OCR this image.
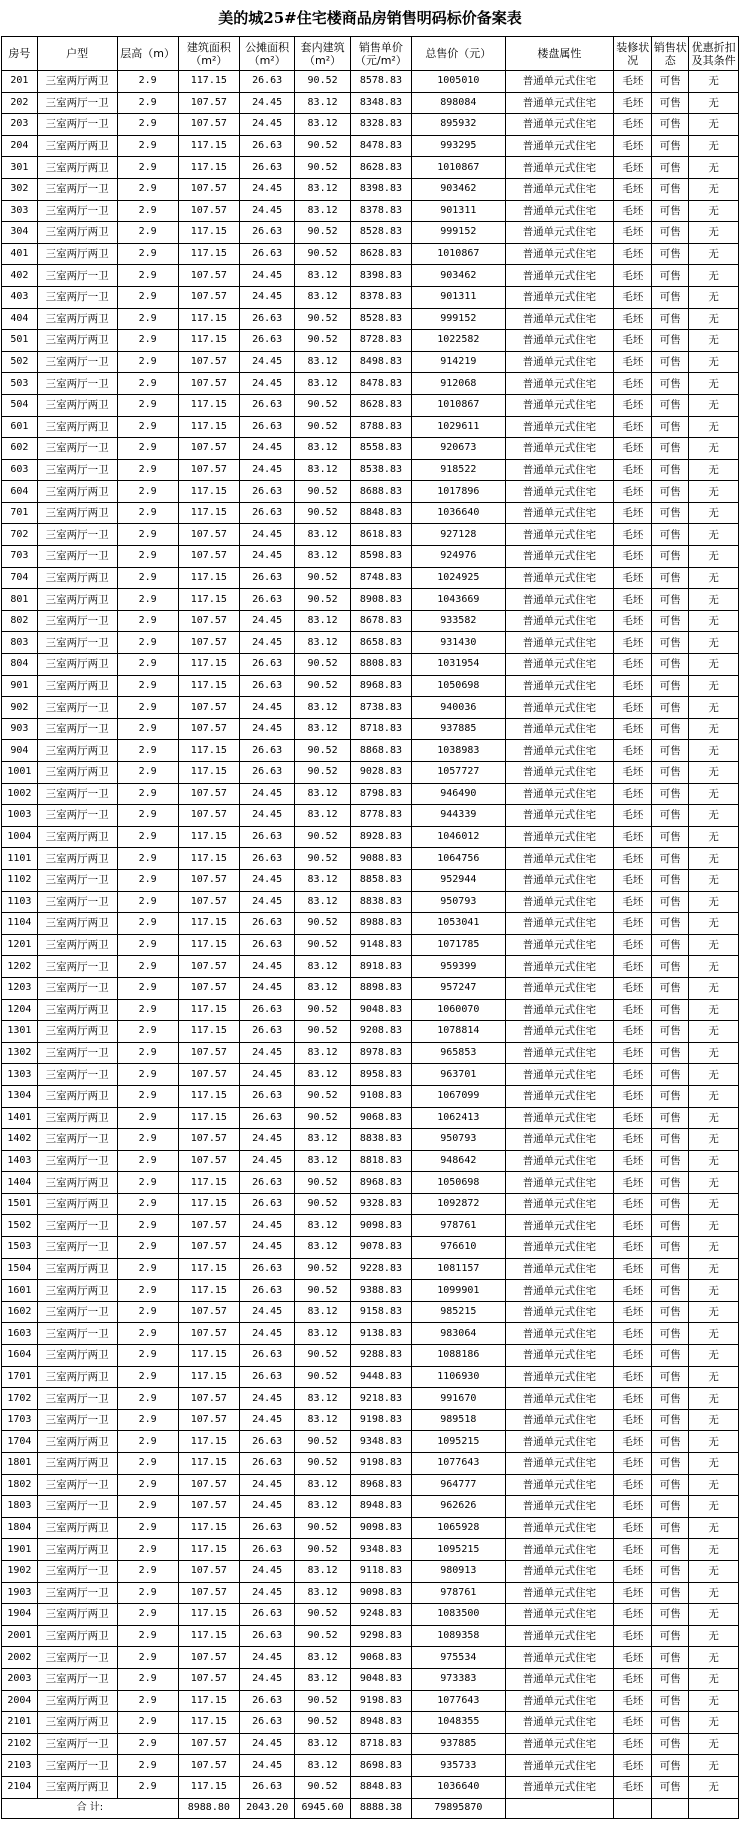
美的城25#住宅楼商品房销售明码标价备案表
房号	户型	层高（m）	建筑面积（m²）	公摊面积（m²）	套内建筑（m²）	销售单价（元/m²）	总售价（元）	楼盘属性	装修状况	销售状态	优惠折扣及其条件
201	三室两厅两卫	2.9	117.15	26.63	90.52	8578.83	1005010	普通单元式住宅	毛坯	可售	无
202	三室两厅一卫	2.9	107.57	24.45	83.12	8348.83	898084	普通单元式住宅	毛坯	可售	无
203	三室两厅一卫	2.9	107.57	24.45	83.12	8328.83	895932	普通单元式住宅	毛坯	可售	无
204	三室两厅两卫	2.9	117.15	26.63	90.52	8478.83	993295	普通单元式住宅	毛坯	可售	无
301	三室两厅两卫	2.9	117.15	26.63	90.52	8628.83	1010867	普通单元式住宅	毛坯	可售	无
302	三室两厅一卫	2.9	107.57	24.45	83.12	8398.83	903462	普通单元式住宅	毛坯	可售	无
303	三室两厅一卫	2.9	107.57	24.45	83.12	8378.83	901311	普通单元式住宅	毛坯	可售	无
304	三室两厅两卫	2.9	117.15	26.63	90.52	8528.83	999152	普通单元式住宅	毛坯	可售	无
401	三室两厅两卫	2.9	117.15	26.63	90.52	8628.83	1010867	普通单元式住宅	毛坯	可售	无
402	三室两厅一卫	2.9	107.57	24.45	83.12	8398.83	903462	普通单元式住宅	毛坯	可售	无
403	三室两厅一卫	2.9	107.57	24.45	83.12	8378.83	901311	普通单元式住宅	毛坯	可售	无
404	三室两厅两卫	2.9	117.15	26.63	90.52	8528.83	999152	普通单元式住宅	毛坯	可售	无
501	三室两厅两卫	2.9	117.15	26.63	90.52	8728.83	1022582	普通单元式住宅	毛坯	可售	无
502	三室两厅一卫	2.9	107.57	24.45	83.12	8498.83	914219	普通单元式住宅	毛坯	可售	无
503	三室两厅一卫	2.9	107.57	24.45	83.12	8478.83	912068	普通单元式住宅	毛坯	可售	无
504	三室两厅两卫	2.9	117.15	26.63	90.52	8628.83	1010867	普通单元式住宅	毛坯	可售	无
601	三室两厅两卫	2.9	117.15	26.63	90.52	8788.83	1029611	普通单元式住宅	毛坯	可售	无
602	三室两厅一卫	2.9	107.57	24.45	83.12	8558.83	920673	普通单元式住宅	毛坯	可售	无
603	三室两厅一卫	2.9	107.57	24.45	83.12	8538.83	918522	普通单元式住宅	毛坯	可售	无
604	三室两厅两卫	2.9	117.15	26.63	90.52	8688.83	1017896	普通单元式住宅	毛坯	可售	无
701	三室两厅两卫	2.9	117.15	26.63	90.52	8848.83	1036640	普通单元式住宅	毛坯	可售	无
702	三室两厅一卫	2.9	107.57	24.45	83.12	8618.83	927128	普通单元式住宅	毛坯	可售	无
703	三室两厅一卫	2.9	107.57	24.45	83.12	8598.83	924976	普通单元式住宅	毛坯	可售	无
704	三室两厅两卫	2.9	117.15	26.63	90.52	8748.83	1024925	普通单元式住宅	毛坯	可售	无
801	三室两厅两卫	2.9	117.15	26.63	90.52	8908.83	1043669	普通单元式住宅	毛坯	可售	无
802	三室两厅一卫	2.9	107.57	24.45	83.12	8678.83	933582	普通单元式住宅	毛坯	可售	无
803	三室两厅一卫	2.9	107.57	24.45	83.12	8658.83	931430	普通单元式住宅	毛坯	可售	无
804	三室两厅两卫	2.9	117.15	26.63	90.52	8808.83	1031954	普通单元式住宅	毛坯	可售	无
901	三室两厅两卫	2.9	117.15	26.63	90.52	8968.83	1050698	普通单元式住宅	毛坯	可售	无
902	三室两厅一卫	2.9	107.57	24.45	83.12	8738.83	940036	普通单元式住宅	毛坯	可售	无
903	三室两厅一卫	2.9	107.57	24.45	83.12	8718.83	937885	普通单元式住宅	毛坯	可售	无
904	三室两厅两卫	2.9	117.15	26.63	90.52	8868.83	1038983	普通单元式住宅	毛坯	可售	无
1001	三室两厅两卫	2.9	117.15	26.63	90.52	9028.83	1057727	普通单元式住宅	毛坯	可售	无
1002	三室两厅一卫	2.9	107.57	24.45	83.12	8798.83	946490	普通单元式住宅	毛坯	可售	无
1003	三室两厅一卫	2.9	107.57	24.45	83.12	8778.83	944339	普通单元式住宅	毛坯	可售	无
1004	三室两厅两卫	2.9	117.15	26.63	90.52	8928.83	1046012	普通单元式住宅	毛坯	可售	无
1101	三室两厅两卫	2.9	117.15	26.63	90.52	9088.83	1064756	普通单元式住宅	毛坯	可售	无
1102	三室两厅一卫	2.9	107.57	24.45	83.12	8858.83	952944	普通单元式住宅	毛坯	可售	无
1103	三室两厅一卫	2.9	107.57	24.45	83.12	8838.83	950793	普通单元式住宅	毛坯	可售	无
1104	三室两厅两卫	2.9	117.15	26.63	90.52	8988.83	1053041	普通单元式住宅	毛坯	可售	无
1201	三室两厅两卫	2.9	117.15	26.63	90.52	9148.83	1071785	普通单元式住宅	毛坯	可售	无
1202	三室两厅一卫	2.9	107.57	24.45	83.12	8918.83	959399	普通单元式住宅	毛坯	可售	无
1203	三室两厅一卫	2.9	107.57	24.45	83.12	8898.83	957247	普通单元式住宅	毛坯	可售	无
1204	三室两厅两卫	2.9	117.15	26.63	90.52	9048.83	1060070	普通单元式住宅	毛坯	可售	无
1301	三室两厅两卫	2.9	117.15	26.63	90.52	9208.83	1078814	普通单元式住宅	毛坯	可售	无
1302	三室两厅一卫	2.9	107.57	24.45	83.12	8978.83	965853	普通单元式住宅	毛坯	可售	无
1303	三室两厅一卫	2.9	107.57	24.45	83.12	8958.83	963701	普通单元式住宅	毛坯	可售	无
1304	三室两厅两卫	2.9	117.15	26.63	90.52	9108.83	1067099	普通单元式住宅	毛坯	可售	无
1401	三室两厅两卫	2.9	117.15	26.63	90.52	9068.83	1062413	普通单元式住宅	毛坯	可售	无
1402	三室两厅一卫	2.9	107.57	24.45	83.12	8838.83	950793	普通单元式住宅	毛坯	可售	无
1403	三室两厅一卫	2.9	107.57	24.45	83.12	8818.83	948642	普通单元式住宅	毛坯	可售	无
1404	三室两厅两卫	2.9	117.15	26.63	90.52	8968.83	1050698	普通单元式住宅	毛坯	可售	无
1501	三室两厅两卫	2.9	117.15	26.63	90.52	9328.83	1092872	普通单元式住宅	毛坯	可售	无
1502	三室两厅一卫	2.9	107.57	24.45	83.12	9098.83	978761	普通单元式住宅	毛坯	可售	无
1503	三室两厅一卫	2.9	107.57	24.45	83.12	9078.83	976610	普通单元式住宅	毛坯	可售	无
1504	三室两厅两卫	2.9	117.15	26.63	90.52	9228.83	1081157	普通单元式住宅	毛坯	可售	无
1601	三室两厅两卫	2.9	117.15	26.63	90.52	9388.83	1099901	普通单元式住宅	毛坯	可售	无
1602	三室两厅一卫	2.9	107.57	24.45	83.12	9158.83	985215	普通单元式住宅	毛坯	可售	无
1603	三室两厅一卫	2.9	107.57	24.45	83.12	9138.83	983064	普通单元式住宅	毛坯	可售	无
1604	三室两厅两卫	2.9	117.15	26.63	90.52	9288.83	1088186	普通单元式住宅	毛坯	可售	无
1701	三室两厅两卫	2.9	117.15	26.63	90.52	9448.83	1106930	普通单元式住宅	毛坯	可售	无
1702	三室两厅一卫	2.9	107.57	24.45	83.12	9218.83	991670	普通单元式住宅	毛坯	可售	无
1703	三室两厅一卫	2.9	107.57	24.45	83.12	9198.83	989518	普通单元式住宅	毛坯	可售	无
1704	三室两厅两卫	2.9	117.15	26.63	90.52	9348.83	1095215	普通单元式住宅	毛坯	可售	无
1801	三室两厅两卫	2.9	117.15	26.63	90.52	9198.83	1077643	普通单元式住宅	毛坯	可售	无
1802	三室两厅一卫	2.9	107.57	24.45	83.12	8968.83	964777	普通单元式住宅	毛坯	可售	无
1803	三室两厅一卫	2.9	107.57	24.45	83.12	8948.83	962626	普通单元式住宅	毛坯	可售	无
1804	三室两厅两卫	2.9	117.15	26.63	90.52	9098.83	1065928	普通单元式住宅	毛坯	可售	无
1901	三室两厅两卫	2.9	117.15	26.63	90.52	9348.83	1095215	普通单元式住宅	毛坯	可售	无
1902	三室两厅一卫	2.9	107.57	24.45	83.12	9118.83	980913	普通单元式住宅	毛坯	可售	无
1903	三室两厅一卫	2.9	107.57	24.45	83.12	9098.83	978761	普通单元式住宅	毛坯	可售	无
1904	三室两厅两卫	2.9	117.15	26.63	90.52	9248.83	1083500	普通单元式住宅	毛坯	可售	无
2001	三室两厅两卫	2.9	117.15	26.63	90.52	9298.83	1089358	普通单元式住宅	毛坯	可售	无
2002	三室两厅一卫	2.9	107.57	24.45	83.12	9068.83	975534	普通单元式住宅	毛坯	可售	无
2003	三室两厅一卫	2.9	107.57	24.45	83.12	9048.83	973383	普通单元式住宅	毛坯	可售	无
2004	三室两厅两卫	2.9	117.15	26.63	90.52	9198.83	1077643	普通单元式住宅	毛坯	可售	无
2101	三室两厅两卫	2.9	117.15	26.63	90.52	8948.83	1048355	普通单元式住宅	毛坯	可售	无
2102	三室两厅一卫	2.9	107.57	24.45	83.12	8718.83	937885	普通单元式住宅	毛坯	可售	无
2103	三室两厅一卫	2.9	107.57	24.45	83.12	8698.83	935733	普通单元式住宅	毛坯	可售	无
2104	三室两厅两卫	2.9	117.15	26.63	90.52	8848.83	1036640	普通单元式住宅	毛坯	可售	无
合 计:			8988.80	2043.20	6945.60	8888.38	79895870				
